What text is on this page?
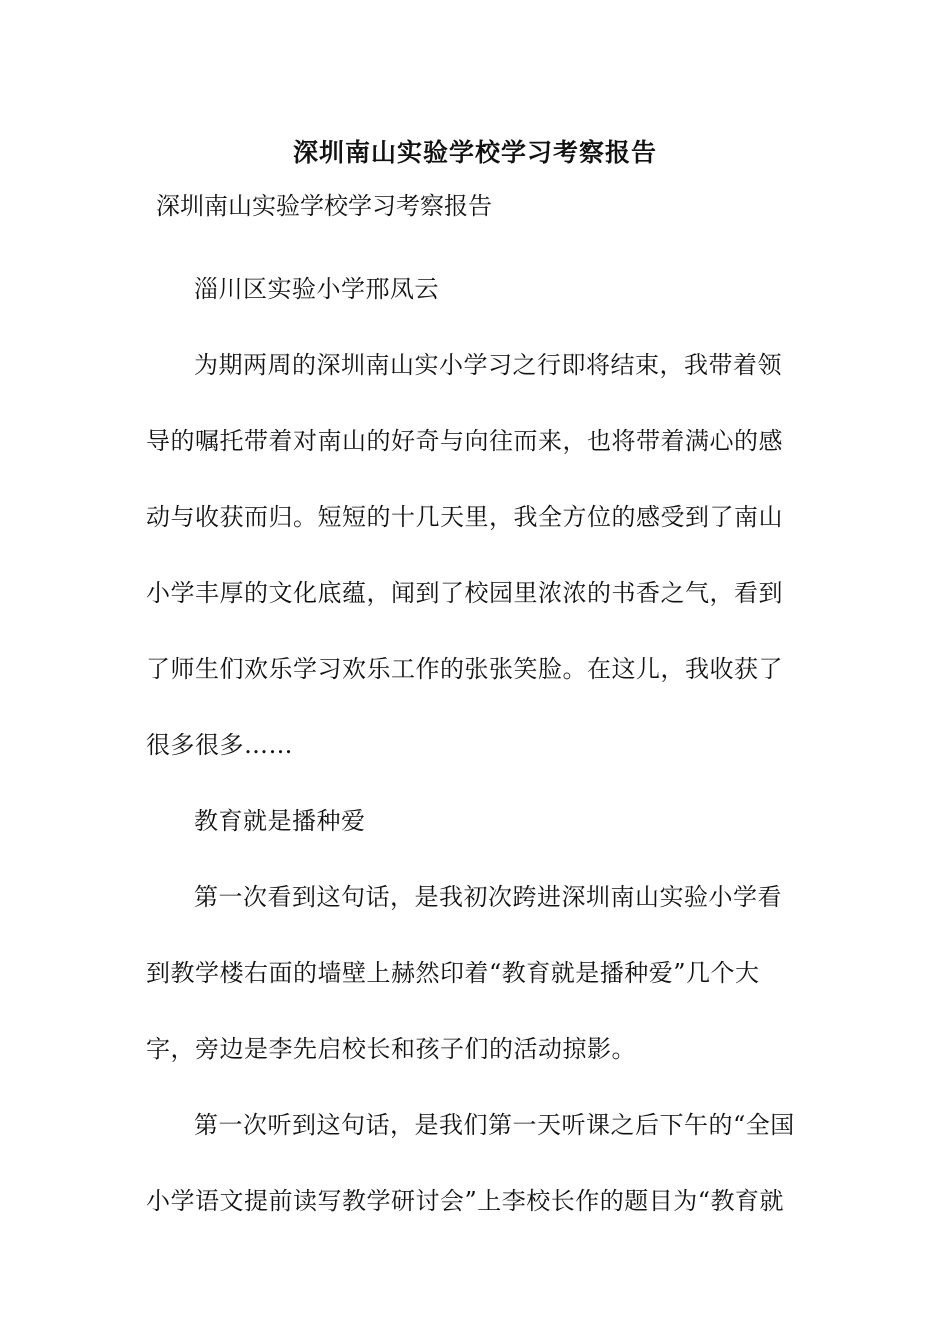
深圳南山实验学校学习考察报告

深圳南山实验学校学习考察报告

淄川区实验小学邢凤云

为期两周的深圳南山实小学习之行即将结束，我带着领导的嘱托带着对南山的好奇与向往而来，也将带着满心的感动与收获而归。短短的十几天里，我全方位的感受到了南山小学丰厚的文化底蕴，闻到了校园里浓浓的书香之气，看到了师生们欢乐学习欢乐工作的张张笑脸。在这儿，我收获了很多很多……

教育就是播种爱

第一次看到这句话，是我初次跨进深圳南山实验小学看到教学楼右面的墙壁上赫然印着“教育就是播种爱”几个大字，旁边是李先启校长和孩子们的活动掠影。

第一次听到这句话，是我们第一天听课之后下午的“全国小学语文提前读写教学研讨会”上李校长作的题目为“教育就
